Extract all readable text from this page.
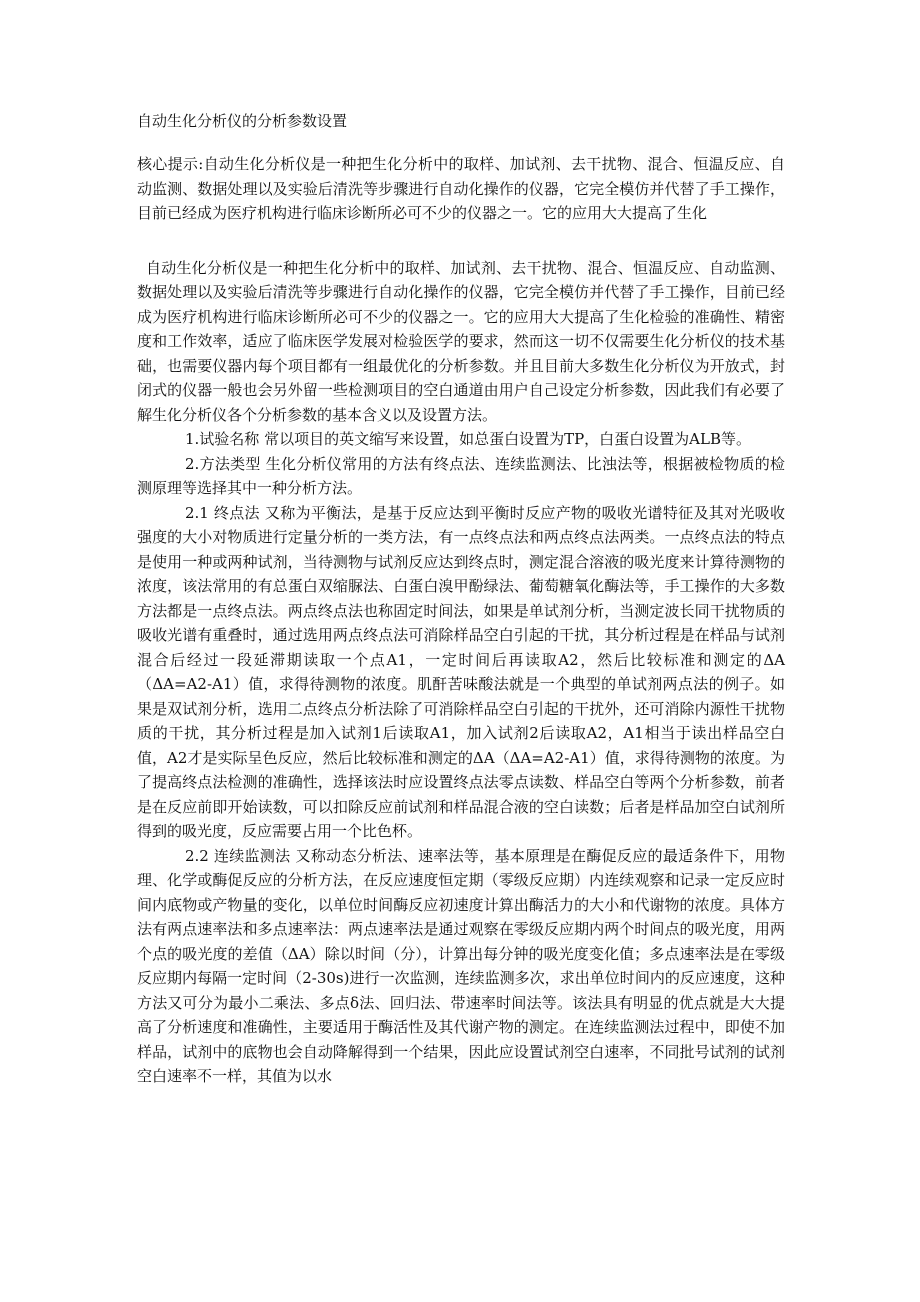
自动生化分析仪的分析参数设置
核心提示:自动生化分析仪是一种把生化分析中的取样、加试剂、去干扰物、混合、恒温反应、自动监测、数据处理以及实验后清洗等步骤进行自动化操作的仪器，它完全模仿并代替了手工操作，目前已经成为医疗机构进行临床诊断所必可不少的仪器之一。它的应用大大提高了生化

自动生化分析仪是一种把生化分析中的取样、加试剂、去干扰物、混合、恒温反应、自动监测、数据处理以及实验后清洗等步骤进行自动化操作的仪器，它完全模仿并代替了手工操作，目前已经成为医疗机构进行临床诊断所必可不少的仪器之一。它的应用大大提高了生化检验的准确性、精密度和工作效率，适应了临床医学发展对检验医学的要求，然而这一切不仅需要生化分析仪的技术基础，也需要仪器内每个项目都有一组最优化的分析参数。并且目前大多数生化分析仪为开放式，封闭式的仪器一般也会另外留一些检测项目的空白通道由用户自己设定分析参数，因此我们有必要了解生化分析仪各个分析参数的基本含义以及设置方法。

1.试验名称 常以项目的英文缩写来设置，如总蛋白设置为TP，白蛋白设置为ALB等。

2.方法类型 生化分析仪常用的方法有终点法、连续监测法、比浊法等，根据被检物质的检测原理等选择其中一种分析方法。

2.1 终点法 又称为平衡法，是基于反应达到平衡时反应产物的吸收光谱特征及其对光吸收强度的大小对物质进行定量分析的一类方法，有一点终点法和两点终点法两类。一点终点法的特点是使用一种或两种试剂，当待测物与试剂反应达到终点时，测定混合溶液的吸光度来计算待测物的浓度，该法常用的有总蛋白双缩脲法、白蛋白溴甲酚绿法、葡萄糖氧化酶法等，手工操作的大多数方法都是一点终点法。两点终点法也称固定时间法，如果是单试剂分析，当测定波长同干扰物质的吸收光谱有重叠时，通过选用两点终点法可消除样品空白引起的干扰，其分析过程是在样品与试剂混合后经过一段延滞期读取一个点A1，一定时间后再读取A2，然后比较标准和测定的ΔA（ΔA=A2-A1）值，求得待测物的浓度。肌酐苦味酸法就是一个典型的单试剂两点法的例子。如果是双试剂分析，选用二点终点分析法除了可消除样品空白引起的干扰外，还可消除内源性干扰物质的干扰，其分析过程是加入试剂1后读取A1，加入试剂2后读取A2，A1相当于读出样品空白值，A2才是实际呈色反应，然后比较标准和测定的ΔA（ΔA=A2-A1）值，求得待测物的浓度。为了提高终点法检测的准确性，选择该法时应设置终点法零点读数、样品空白等两个分析参数，前者是在反应前即开始读数，可以扣除反应前试剂和样品混合液的空白读数；后者是样品加空白试剂所得到的吸光度，反应需要占用一个比色杯。

2.2 连续监测法 又称动态分析法、速率法等，基本原理是在酶促反应的最适条件下，用物理、化学或酶促反应的分析方法，在反应速度恒定期（零级反应期）内连续观察和记录一定反应时间内底物或产物量的变化，以单位时间酶反应初速度计算出酶活力的大小和代谢物的浓度。具体方法有两点速率法和多点速率法：两点速率法是通过观察在零级反应期内两个时间点的吸光度，用两个点的吸光度的差值（ΔA）除以时间（分），计算出每分钟的吸光度变化值；多点速率法是在零级反应期内每隔一定时间（2-30s)进行一次监测，连续监测多次，求出单位时间内的反应速度，这种方法又可分为最小二乘法、多点δ法、回归法、带速率时间法等。该法具有明显的优点就是大大提高了分析速度和准确性，主要适用于酶活性及其代谢产物的测定。在连续监测法过程中，即使不加样品，试剂中的底物也会自动降解得到一个结果，因此应设置试剂空白速率，不同批号试剂的试剂空白速率不一样，其值为以水
